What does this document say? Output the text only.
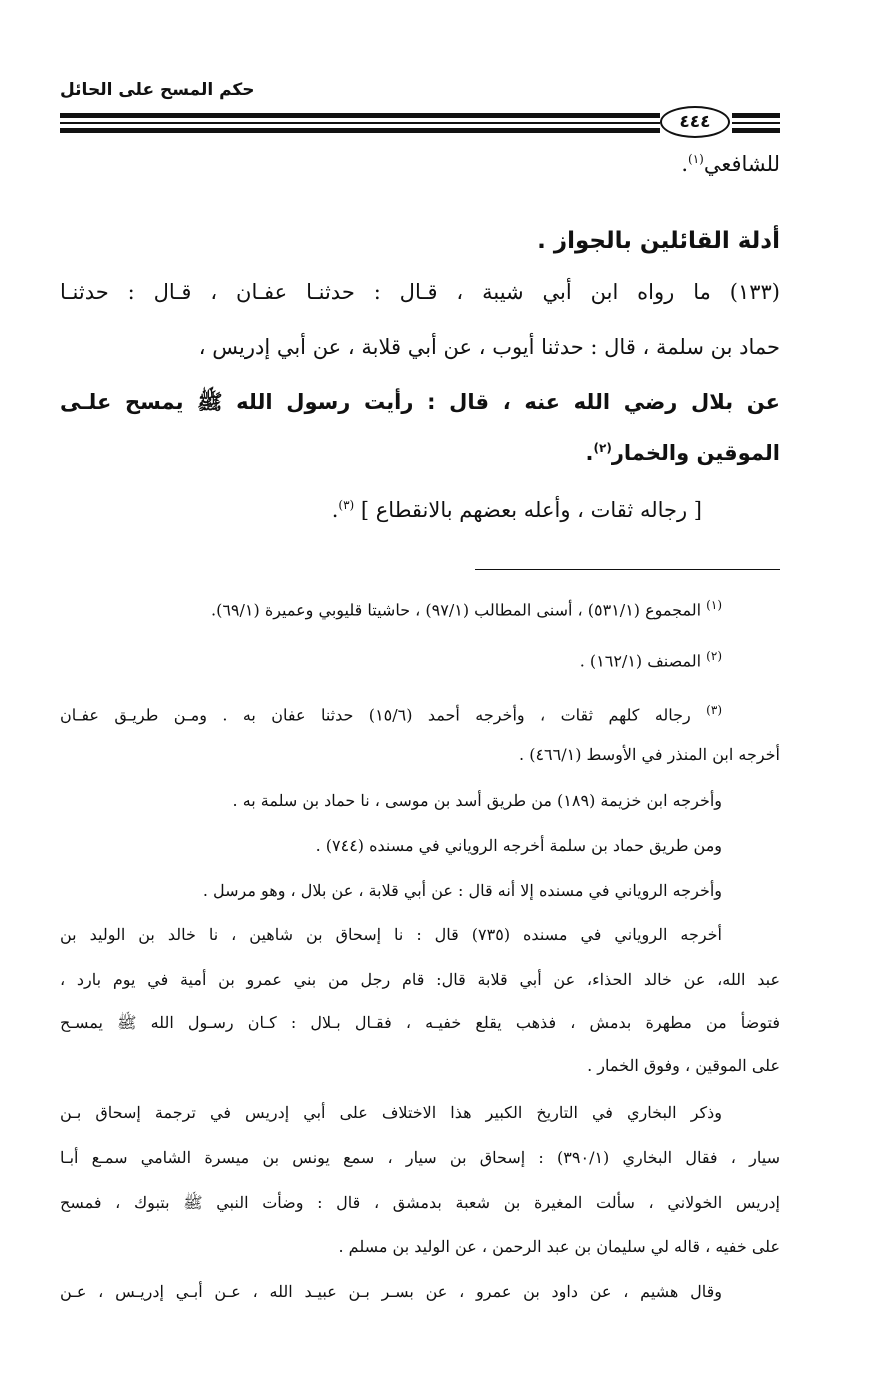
حكم المسح على الحائل
٤٤٤
للشافعي$^{(١)}$.
أدلة القائلين بالجواز .
(١٣٣) ما رواه ابن أبي شيبة ، قـال : حدثنـا عفـان ، قـال : حدثنـا
حماد بن سلمة ، قال : حدثنا أيوب ، عن أبي قلابة ، عن أبي إدريس ،
عن بلال رضي الله عنه ، قال : رأيت رسول الله ﷺ يمسح علـى
الموقين والخمار$^{(٢)}$.
[ رجاله ثقات ، وأعله بعضهم بالانقطاع ] $^{(٣)}$.
$^{(١)}$ المجموع (٥٣١/١) ، أسنى المطالب (٩٧/١) ، حاشيتا قليوبي وعميرة (٦٩/١).
$^{(٢)}$ المصنف (١٦٢/١) .
$^{(٣)}$ رجاله كلهم ثقات ، وأخرجه أحمد (١٥/٦) حدثنا عفان به . ومـن طريـق عفـان
أخرجه ابن المنذر في الأوسط (٤٦٦/١) .
وأخرجه ابن خزيمة (١٨٩) من طريق أسد بن موسى ، نا حماد بن سلمة به .
ومن طريق حماد بن سلمة أخرجه الروياني في مسنده (٧٤٤) .
وأخرجه الروياني في مسنده إلا أنه قال : عن أبي قلابة ، عن بلال ، وهو مرسل .
أخرجه الروياني في مسنده (٧٣٥) قال : نا إسحاق بن شاهين ، نا خالد بن الوليد بن
عبد الله، عن خالد الحذاء، عن أبي قلابة قال: قام رجل من بني عمرو بن أمية في يوم بارد ،
فتوضأ من مطهرة بدمش ، فذهب يقلع خفيـه ، فقـال بـلال : كـان رسـول الله ﷺ يمسـح
على الموقين ، وفوق الخمار .
وذكر البخاري في التاريخ الكبير هذا الاختلاف على أبي إدريس في ترجمة إسحاق بـن
سيار ، فقال البخاري (٣٩٠/١) : إسحاق بن سيار ، سمع يونس بن ميسرة الشامي سمـع أبـا
إدريس الخولاني ، سألت المغيرة بن شعبة بدمشق ، قال : وضأت النبي ﷺ بتبوك ، فمسح
على خفيه ، قاله لي سليمان بن عبد الرحمن ، عن الوليد بن مسلم .
وقال هشيم ، عن داود بن عمرو ، عن بسـر بـن عبيـد الله ، عـن أبـي إدريـس ، عـن
